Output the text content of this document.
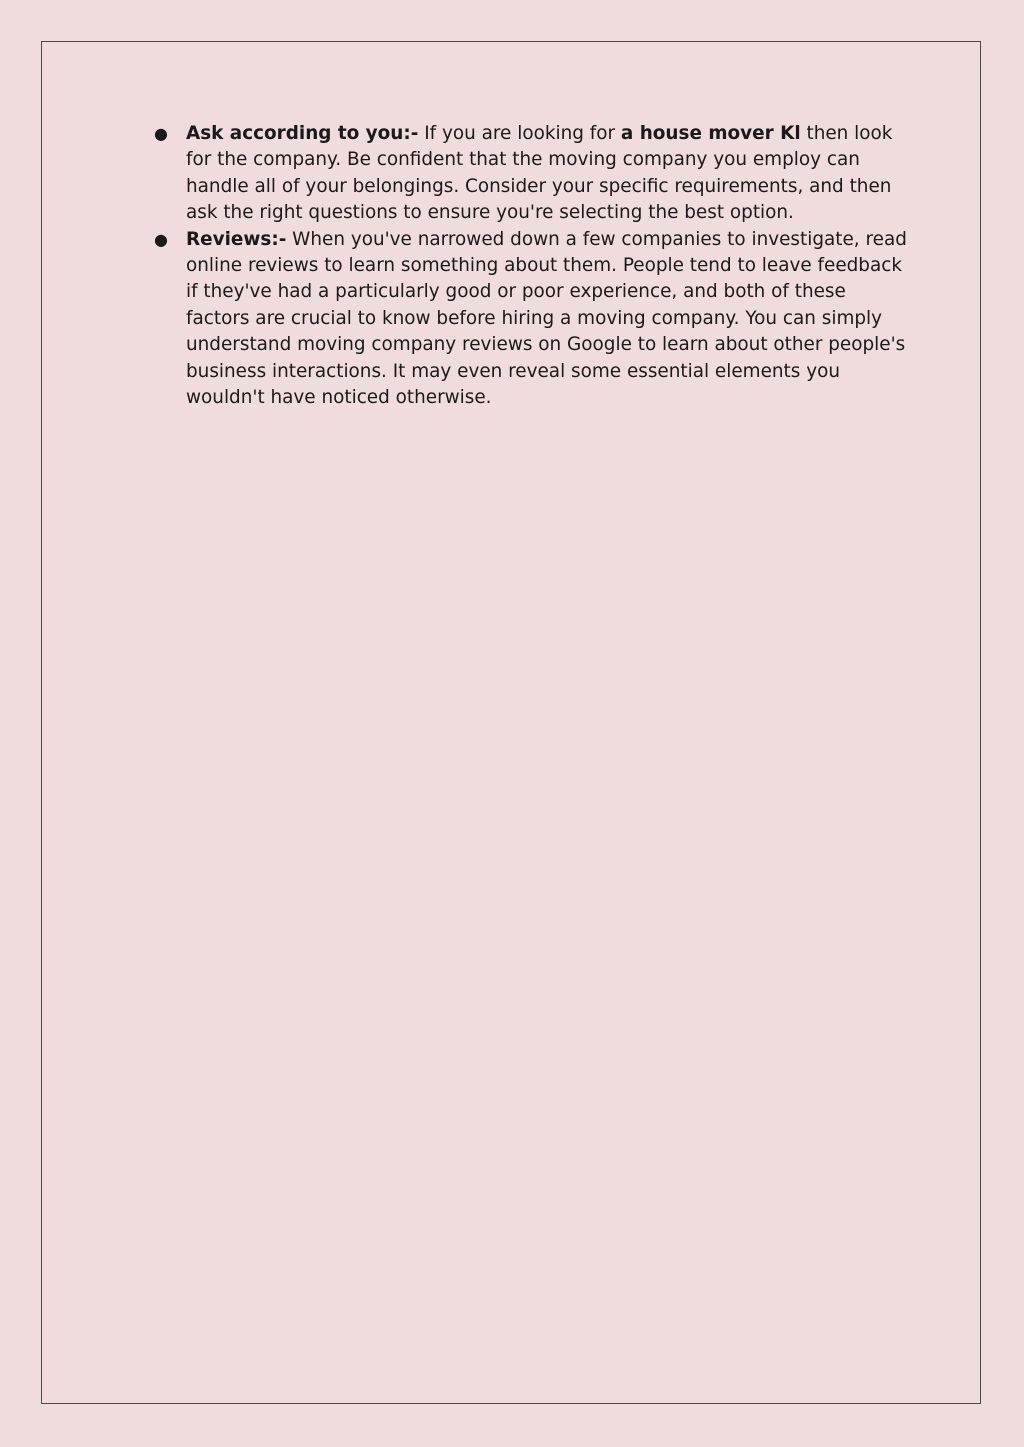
● Ask according to you:- If you are looking for a house mover Kl then look for the company. Be confident that the moving company you employ can handle all of your belongings. Consider your specific requirements, and then ask the right questions to ensure you're selecting the best option.
● Reviews:- When you've narrowed down a few companies to investigate, read online reviews to learn something about them. People tend to leave feedback if they've had a particularly good or poor experience, and both of these factors are crucial to know before hiring a moving company. You can simply understand moving company reviews on Google to learn about other people's business interactions. It may even reveal some essential elements you wouldn't have noticed otherwise.
